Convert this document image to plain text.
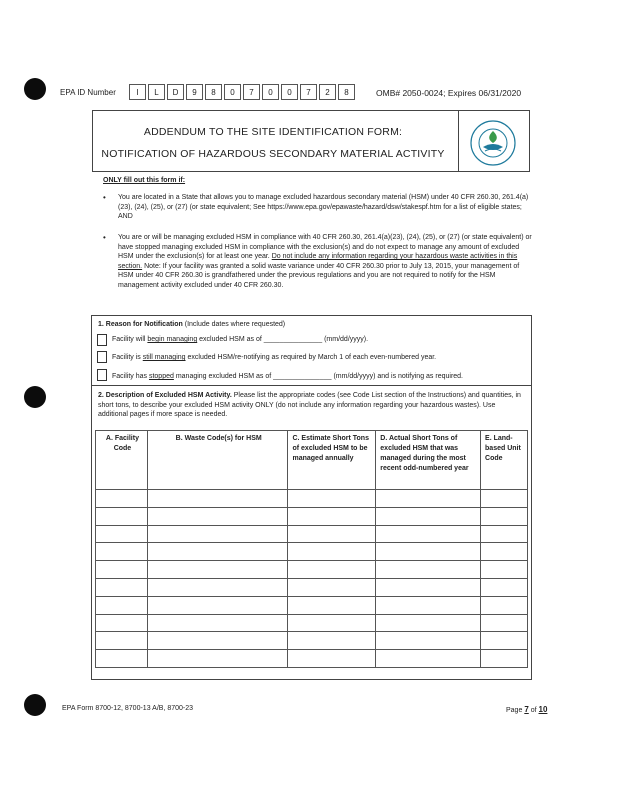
EPA ID Number	I	L	D	9	8	0	7	0	0	7	2	8	OMB# 2050-0024; Expires 06/31/2020
ADDENDUM TO THE SITE IDENTIFICATION FORM:
NOTIFICATION OF HAZARDOUS SECONDARY MATERIAL ACTIVITY
ONLY fill out this form if:
• You are located in a State that allows you to manage excluded hazardous secondary material (HSM) under 40 CFR 260.30, 261.4(a)(23), (24), (25), or (27) (or state equivalent; See https://www.epa.gov/epawaste/hazard/dsw/stakespf.htm for a list of eligible states; AND
• You are or will be managing excluded HSM in compliance with 40 CFR 260.30, 261.4(a)(23), (24), (25), or (27) (or state equivalent) or have stopped managing excluded HSM in compliance with the exclusion(s) and do not expect to manage any amount of excluded HSM under the exclusion(s) for at least one year. Do not include any information regarding your hazardous waste activities in this section. Note: If your facility was granted a solid waste variance under 40 CFR 260.30 prior to July 13, 2015, your management of HSM under 40 CFR 260.30 is grandfathered under the previous regulations and you are not required to notify for the HSM management activity excluded under 40 CFR 260.30.
1. Reason for Notification (Include dates where requested)
Facility will begin managing excluded HSM as of _______________ (mm/dd/yyyy).
Facility is still managing excluded HSM/re-notifying as required by March 1 of each even-numbered year.
Facility has stopped managing excluded HSM as of _______________ (mm/dd/yyyy) and is notifying as required.
2. Description of Excluded HSM Activity. Please list the appropriate codes (see Code List section of the Instructions) and quantities, in short tons, to describe your excluded HSM activity ONLY (do not include any information regarding your hazardous wastes). Use additional pages if more space is needed.
A. Facility Code	B. Waste Code(s) for HSM	C. Estimate Short Tons of excluded HSM to be managed annually	D. Actual Short Tons of excluded HSM that was managed during the most recent odd-numbered year	E. Land-based Unit Code

EPA Form 8700-12, 8700-13 A/B, 8700-23	Page 7 of 10
